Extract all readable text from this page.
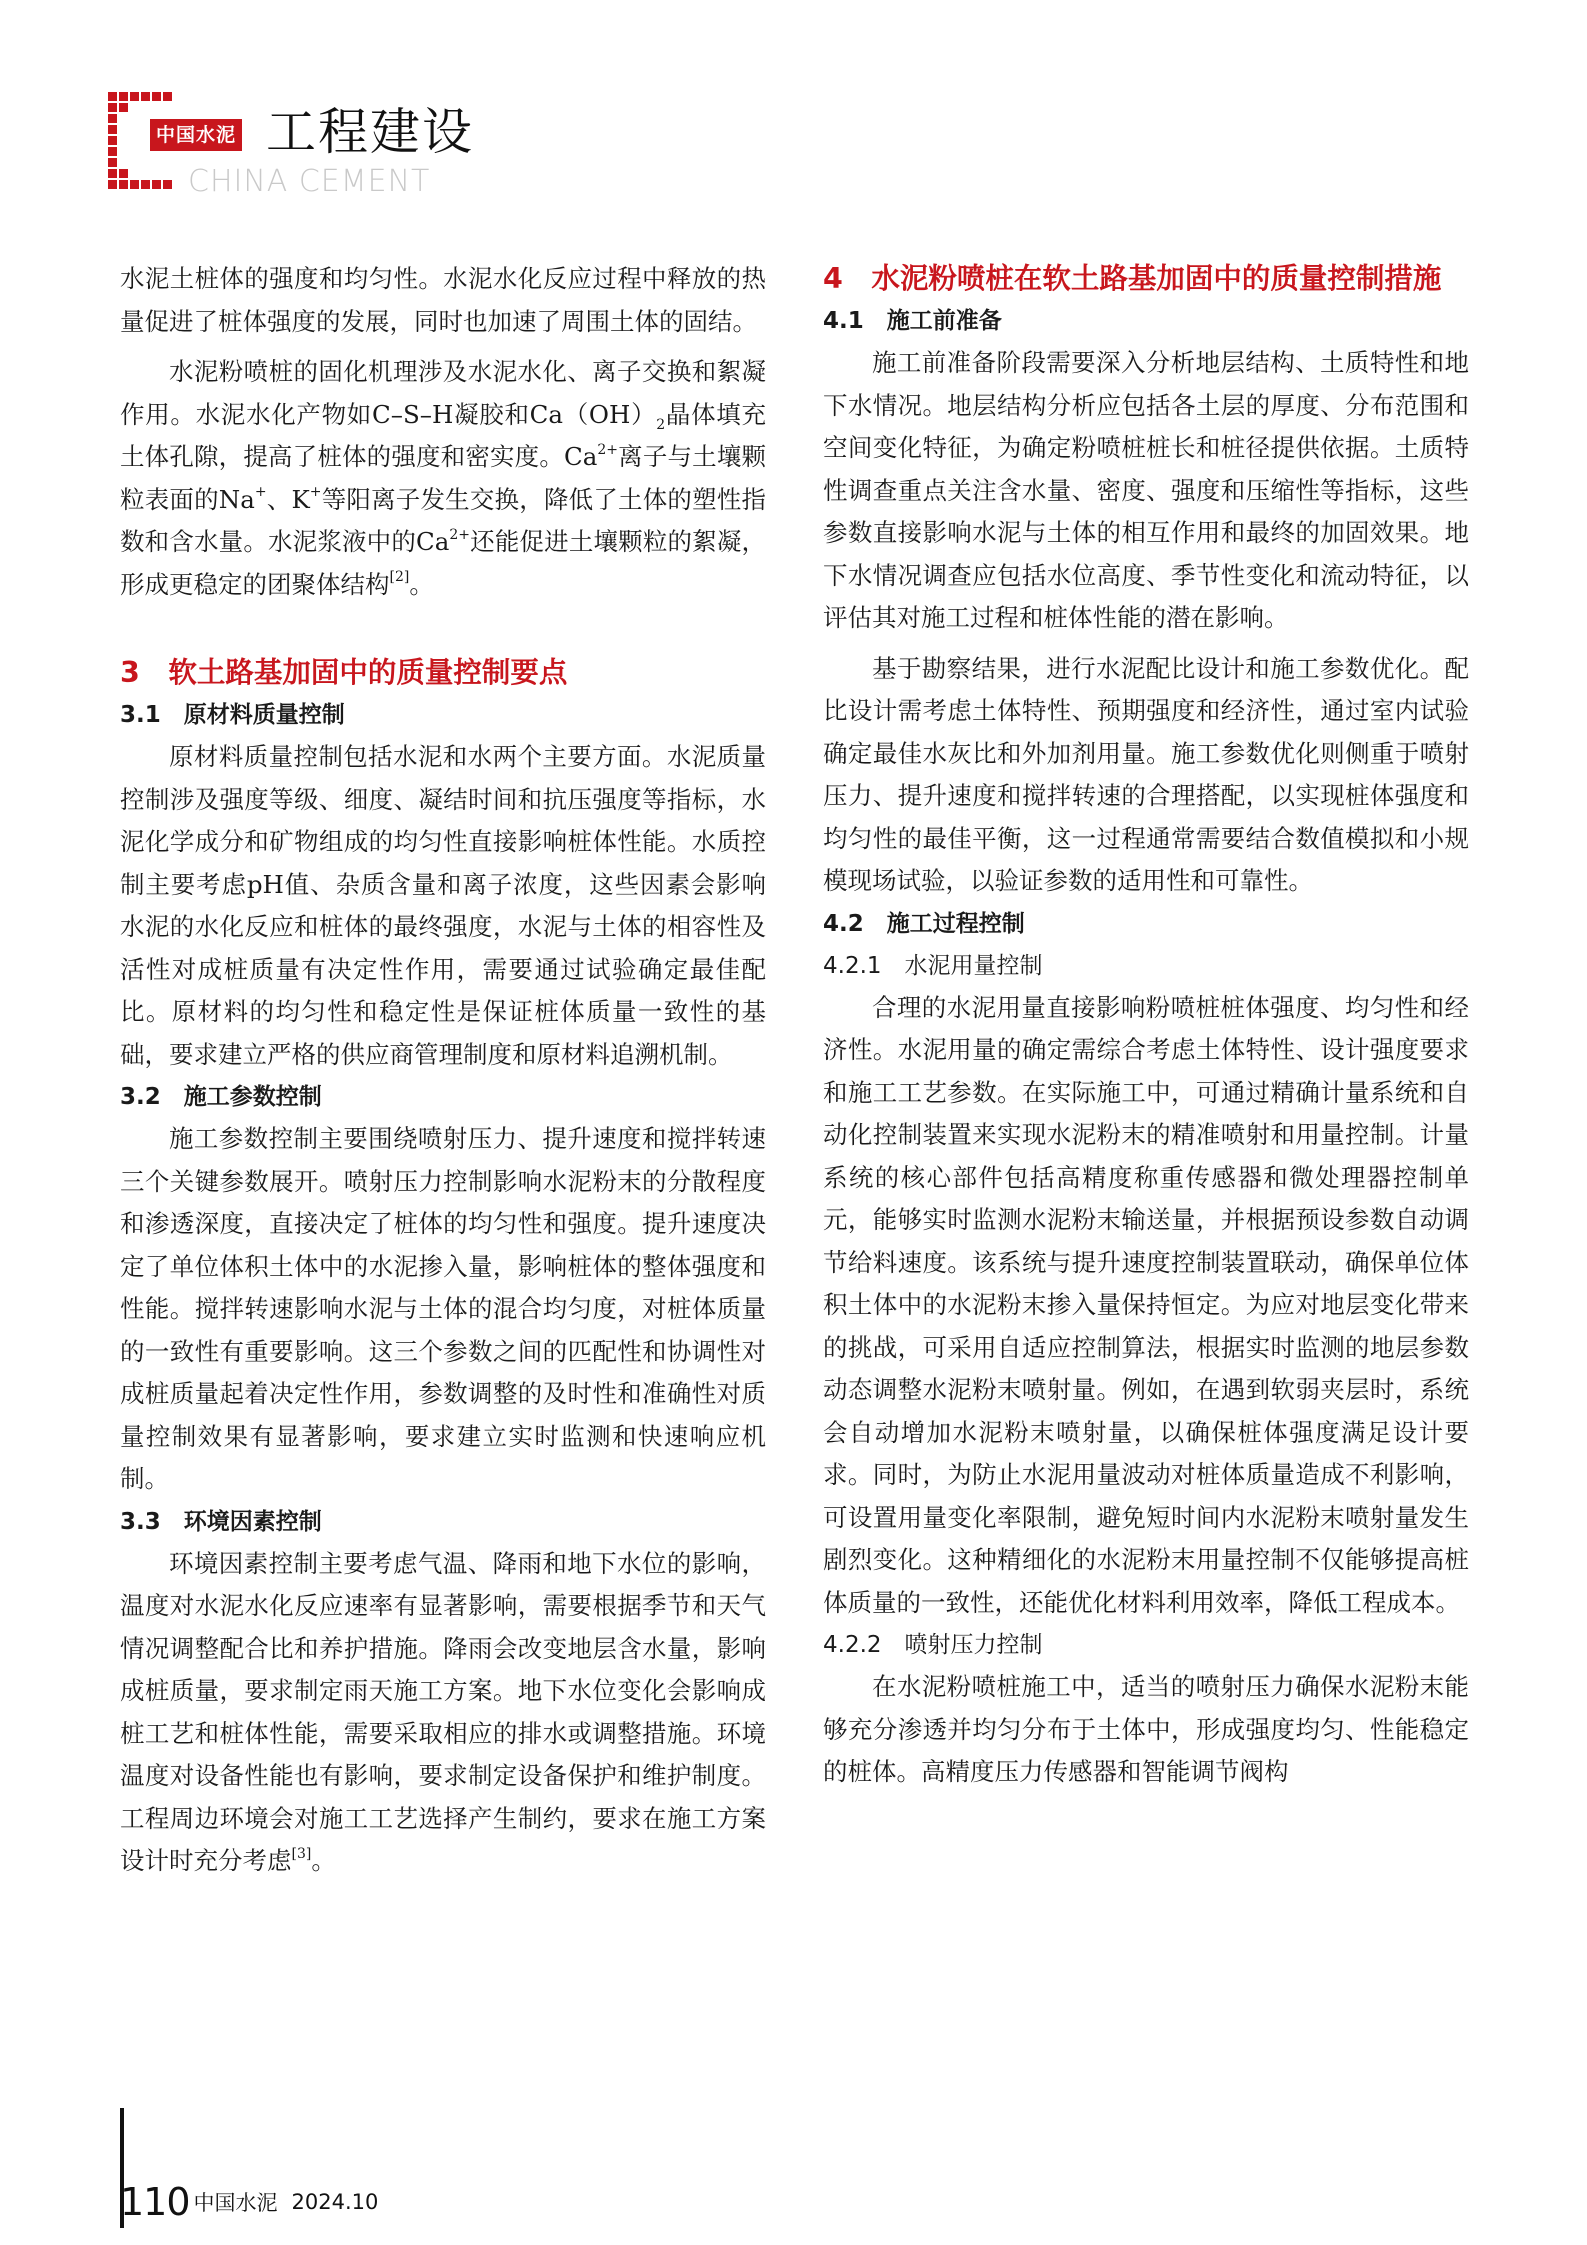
中国水泥 工程建设
CHINA CEMENT

水泥土桩体的强度和均匀性。水泥水化反应过程中释放的热量促进了桩体强度的发展，同时也加速了周围土体的固结。

水泥粉喷桩的固化机理涉及水泥水化、离子交换和絮凝作用。水泥水化产物如C–S–H凝胶和$Ca(OH)_2$晶体填充土体孔隙，提高了桩体的强度和密实度。$Ca^{2+}$离子与土壤颗粒表面的Na+、K+等阳离子发生交换，降低了土体的塑性指数和含水量。水泥浆液中的$Ca^{2+}$还能促进土壤颗粒的絮凝，形成更稳定的团聚体结构[2]。

3　软土路基加固中的质量控制要点
3.1　原材料质量控制

原材料质量控制包括水泥和水两个主要方面。水泥质量控制涉及强度等级、细度、凝结时间和抗压强度等指标，水泥化学成分和矿物组成的均匀性直接影响桩体性能。水质控制主要考虑pH值、杂质含量和离子浓度，这些因素会影响水泥的水化反应和桩体的最终强度，水泥与土体的相容性及活性对成桩质量有决定性作用，需要通过试验确定最佳配比。原材料的均匀性和稳定性是保证桩体质量一致性的基础，要求建立严格的供应商管理制度和原材料追溯机制。

3.2　施工参数控制

施工参数控制主要围绕喷射压力、提升速度和搅拌转速三个关键参数展开。喷射压力控制影响水泥粉末的分散程度和渗透深度，直接决定了桩体的均匀性和强度。提升速度决定了单位体积土体中的水泥掺入量，影响桩体的整体强度和性能。搅拌转速影响水泥与土体的混合均匀度，对桩体质量的一致性有重要影响。这三个参数之间的匹配性和协调性对成桩质量起着决定性作用，参数调整的及时性和准确性对质量控制效果有显著影响，要求建立实时监测和快速响应机制。

3.3　环境因素控制

环境因素控制主要考虑气温、降雨和地下水位的影响，温度对水泥水化反应速率有显著影响，需要根据季节和天气情况调整配合比和养护措施。降雨会改变地层含水量，影响成桩质量，要求制定雨天施工方案。地下水位变化会影响成桩工艺和桩体性能，需要采取相应的排水或调整措施。环境温度对设备性能也有影响，要求制定设备保护和维护制度。工程周边环境会对施工工艺选择产生制约，要求在施工方案设计时充分考虑[3]。

4　水泥粉喷桩在软土路基加固中的质量控制措施
4.1　施工前准备

施工前准备阶段需要深入分析地层结构、土质特性和地下水情况。地层结构分析应包括各土层的厚度、分布范围和空间变化特征，为确定粉喷桩桩长和桩径提供依据。土质特性调查重点关注含水量、密度、强度和压缩性等指标，这些参数直接影响水泥与土体的相互作用和最终的加固效果。地下水情况调查应包括水位高度、季节性变化和流动特征，以评估其对施工过程和桩体性能的潜在影响。

基于勘察结果，进行水泥配比设计和施工参数优化。配比设计需考虑土体特性、预期强度和经济性，通过室内试验确定最佳水灰比和外加剂用量。施工参数优化则侧重于喷射压力、提升速度和搅拌转速的合理搭配，以实现桩体强度和均匀性的最佳平衡，这一过程通常需要结合数值模拟和小规模现场试验，以验证参数的适用性和可靠性。

4.2　施工过程控制
4.2.1　水泥用量控制

合理的水泥用量直接影响粉喷桩桩体强度、均匀性和经济性。水泥用量的确定需综合考虑土体特性、设计强度要求和施工工艺参数。在实际施工中，可通过精确计量系统和自动化控制装置来实现水泥粉末的精准喷射和用量控制。计量系统的核心部件包括高精度称重传感器和微处理器控制单元，能够实时监测水泥粉末输送量，并根据预设参数自动调节给料速度。该系统与提升速度控制装置联动，确保单位体积土体中的水泥粉末掺入量保持恒定。为应对地层变化带来的挑战，可采用自适应控制算法，根据实时监测的地层参数动态调整水泥粉末喷射量。例如，在遇到软弱夹层时，系统会自动增加水泥粉末喷射量，以确保桩体强度满足设计要求。同时，为防止水泥用量波动对桩体质量造成不利影响，可设置用量变化率限制，避免短时间内水泥粉末喷射量发生剧烈变化。这种精细化的水泥粉末用量控制不仅能够提高桩体质量的一致性，还能优化材料利用效率，降低工程成本。

4.2.2　喷射压力控制

在水泥粉喷桩施工中，适当的喷射压力确保水泥粉末能够充分渗透并均匀分布于土体中，形成强度均匀、性能稳定的桩体。高精度压力传感器和智能调节阀构

110 中国水泥 2024.10
